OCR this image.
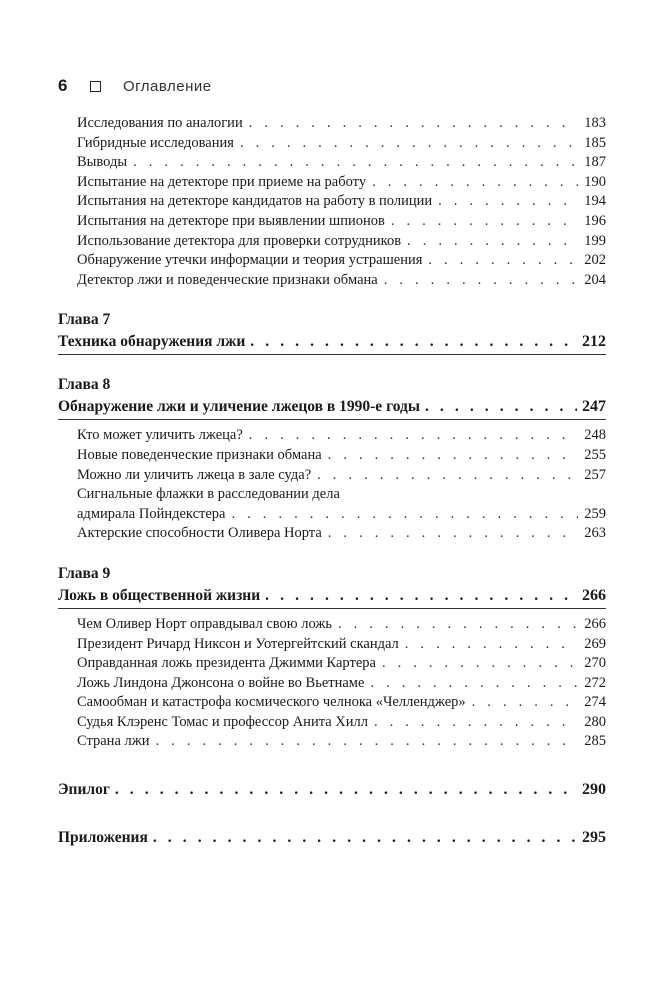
6	Оглавление
Исследования по аналогии . . .	183
Гибридные исследования . . .	185
Выводы . . .	187
Испытание на детекторе при приеме на работу . . .	190
Испытания на детекторе кандидатов на работу в полиции . . .	194
Испытания на детекторе при выявлении шпионов . . .	196
Использование детектора для проверки сотрудников . . .	199
Обнаружение утечки информации и теория устрашения . . .	202
Детектор лжи и поведенческие признаки обмана . . .	204
Глава 7
Техника обнаружения лжи . . .	212
Глава 8
Обнаружение лжи и уличение лжецов в 1990-е годы . . .	247
Кто может уличить лжеца? . . .	248
Новые поведенческие признаки обмана . . .	255
Можно ли уличить лжеца в зале суда? . . .	257
Сигнальные флажки в расследовании дела
адмирала Пойндекстера . . .	259
Актерские способности Оливера Норта . . .	263
Глава 9
Ложь в общественной жизни . . .	266
Чем Оливер Норт оправдывал свою ложь . . .	266
Президент Ричард Никсон и Уотергейтский скандал . . .	269
Оправданная ложь президента Джимми Картера . . .	270
Ложь Линдона Джонсона о войне во Вьетнаме . . .	272
Самообман и катастрофа космического челнока «Челленджер» . . .	274
Судья Клэренс Томас и профессор Анита Хилл . . .	280
Страна лжи . . .	285
Эпилог . . .	290
Приложения . . .	295
